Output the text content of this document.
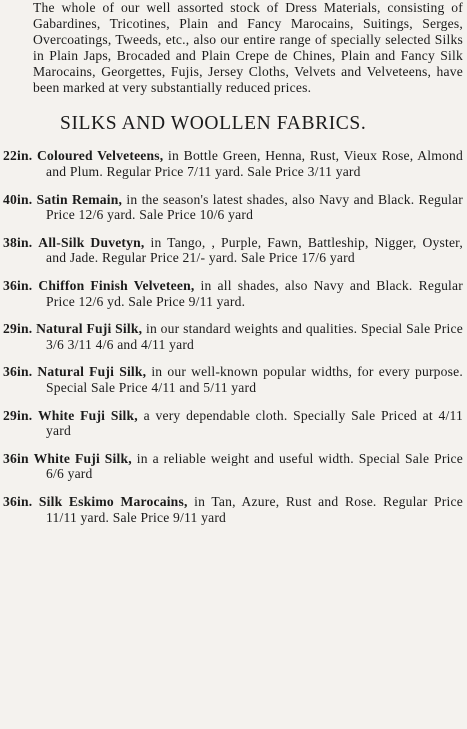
The whole of our well assorted stock of Dress Materials, consisting of Gabardines, Tricotines, Plain and Fancy Marocains, Suitings, Serges, Overcoatings, Tweeds, etc., also our entire range of specially selected Silks in Plain Japs, Brocaded and Plain Crepe de Chines, Plain and Fancy Silk Marocains, Georgettes, Fujis, Jersey Cloths, Velvets and Velveteens, have been marked at very substantially reduced prices.

SILKS AND WOOLLEN FABRICS.
22in. Coloured Velveteens, in Bottle Green, Henna, Rust, Vieux Rose, Almond and Plum. Regular Price 7/11 yard. Sale Price 3/11 yard
40in. Satin Remain, in the season's latest shades, also Navy and Black. Regular Price 12/6 yard. Sale Price 10/6 yard
38in. All-Silk Duvetyn, in Tango, , Purple, Fawn, Battleship, Nigger, Oyster, and Jade. Regular Price 21/- yard. Sale Price 17/6 yard
36in. Chiffon Finish Velveteen, in all shades, also Navy and Black. Regular Price 12/6 yd. Sale Price 9/11 yard.
29in. Natural Fuji Silk, in our standard weights and qualities. Special Sale Price 3/6 3/11 4/6 and 4/11 yard
36in. Natural Fuji Silk, in our well-known popular widths, for every purpose. Special Sale Price 4/11 and 5/11 yard
29in. White Fuji Silk, a very dependable cloth. Specially Sale Priced at 4/11 yard
36in White Fuji Silk, in a reliable weight and useful width. Special Sale Price 6/6 yard
36in. Silk Eskimo Marocains, in Tan, Azure, Rust and Rose. Regular Price 11/11 yard. Sale Price 9/11 yard
